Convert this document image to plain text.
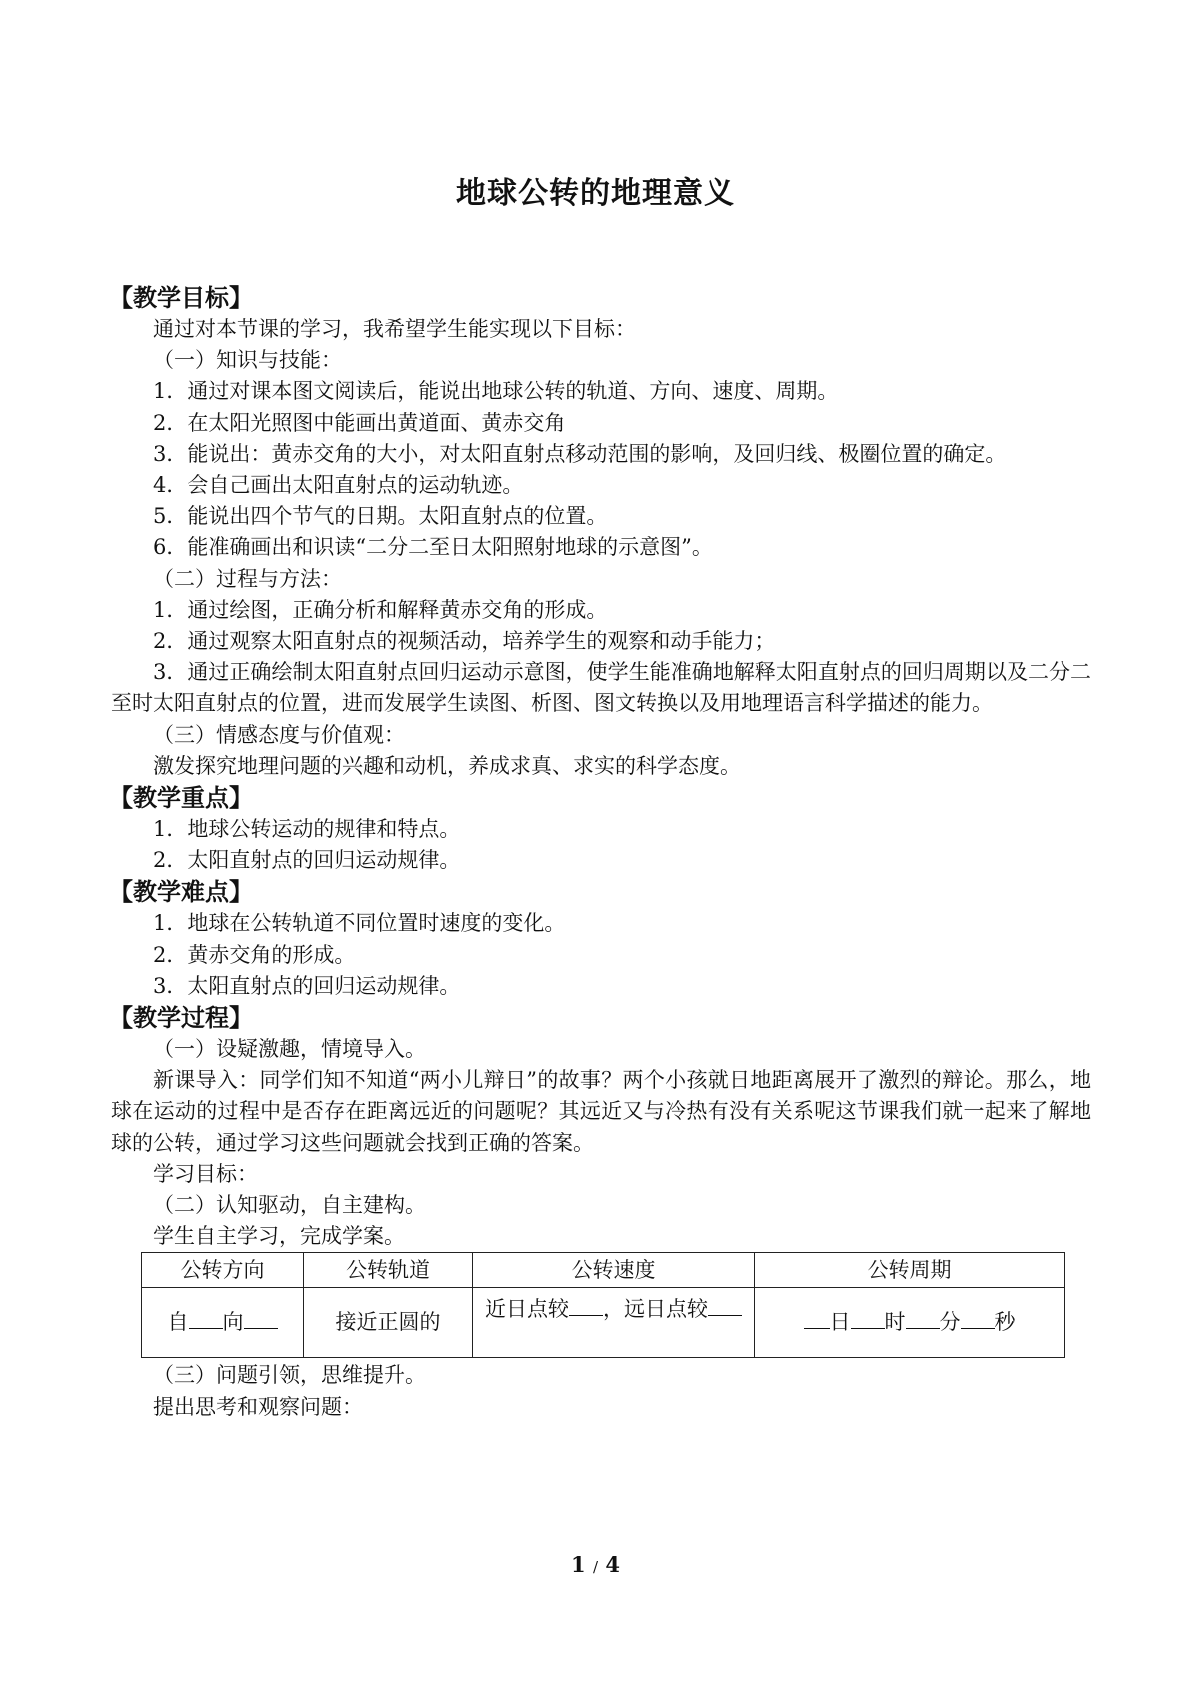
地球公转的地理意义
【教学目标】

通过对本节课的学习，我希望学生能实现以下目标：

（一）知识与技能：

1．通过对课本图文阅读后，能说出地球公转的轨道、方向、速度、周期。

2．在太阳光照图中能画出黄道面、黄赤交角

3．能说出：黄赤交角的大小，对太阳直射点移动范围的影响，及回归线、极圈位置的确定。

4．会自己画出太阳直射点的运动轨迹。

5．能说出四个节气的日期。太阳直射点的位置。

6．能准确画出和识读“二分二至日太阳照射地球的示意图”。

（二）过程与方法：

1．通过绘图，正确分析和解释黄赤交角的形成。

2．通过观察太阳直射点的视频活动，培养学生的观察和动手能力；

3．通过正确绘制太阳直射点回归运动示意图，使学生能准确地解释太阳直射点的回归周期以及二分二至时太阳直射点的位置，进而发展学生读图、析图、图文转换以及用地理语言科学描述的能力。

（三）情感态度与价值观：

激发探究地理问题的兴趣和动机，养成求真、求实的科学态度。

【教学重点】

1．地球公转运动的规律和特点。

2．太阳直射点的回归运动规律。

【教学难点】

1．地球在公转轨道不同位置时速度的变化。

2．黄赤交角的形成。

3．太阳直射点的回归运动规律。

【教学过程】

（一）设疑激趣，情境导入。

新课导入：同学们知不知道“两小儿辩日”的故事？两个小孩就日地距离展开了激烈的辩论。那么，地球在运动的过程中是否存在距离远近的问题呢？其远近又与冷热有没有关系呢这节课我们就一起来了解地球的公转，通过学习这些问题就会找到正确的答案。

学习目标：

（二）认知驱动，自主建构。

学生自主学习，完成学案。

公转方向	公转轨道	公转速度	公转周期
自 向	接近正圆的	近日点较 ，远日点较	日 时 分 秒

（三）问题引领，思维提升。

提出思考和观察问题：

1 / 4
